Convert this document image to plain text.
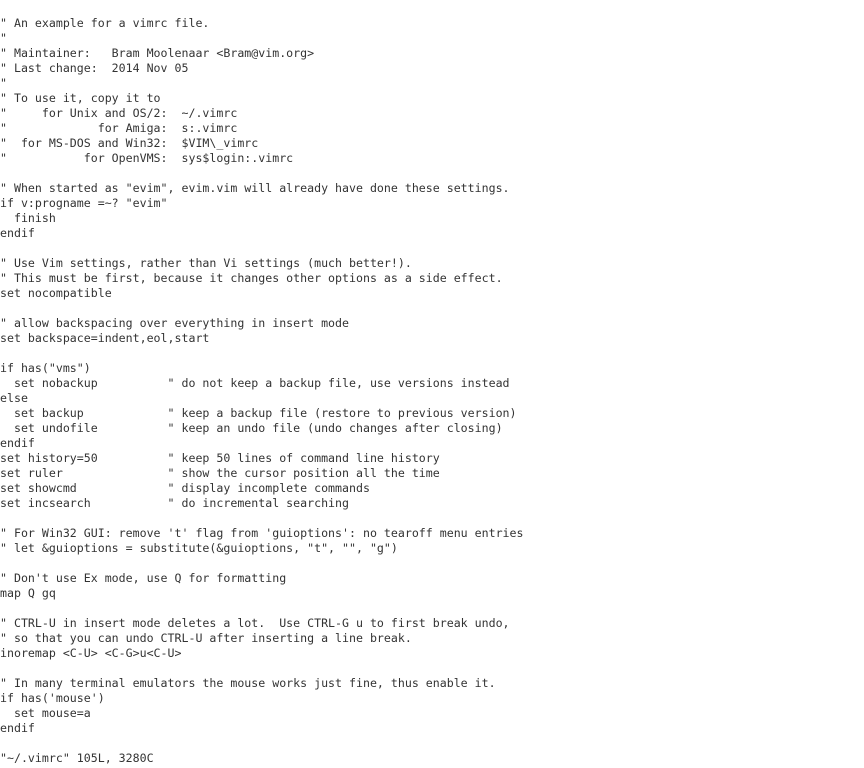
" An example for a vimrc file.
"
" Maintainer:   Bram Moolenaar <Bram@vim.org>
" Last change:  2014 Nov 05
"
" To use it, copy it to
"     for Unix and OS/2:  ~/.vimrc
"             for Amiga:  s:.vimrc
"  for MS-DOS and Win32:  $VIM\_vimrc
"           for OpenVMS:  sys$login:.vimrc
" When started as "evim", evim.vim will already have done these settings.
if v:progname =~? "evim"
finish
endif
" Use Vim settings, rather than Vi settings (much better!).
" This must be first, because it changes other options as a side effect.
set nocompatible
" allow backspacing over everything in insert mode
set backspace=indent,eol,start
if has("vms")
set nobackup          " do not keep a backup file, use versions instead
else
set backup            " keep a backup file (restore to previous version)
set undofile          " keep an undo file (undo changes after closing)
endif
set history=50          " keep 50 lines of command line history
set ruler               " show the cursor position all the time
set showcmd             " display incomplete commands
set incsearch           " do incremental searching
" For Win32 GUI: remove 't' flag from 'guioptions': no tearoff menu entries
" let &guioptions = substitute(&guioptions, "t", "", "g")
" Don't use Ex mode, use Q for formatting
map Q gq
" CTRL-U in insert mode deletes a lot.  Use CTRL-G u to first break undo,
" so that you can undo CTRL-U after inserting a line break.
inoremap <C-U> <C-G>u<C-U>
" In many terminal emulators the mouse works just fine, thus enable it.
if has('mouse')
set mouse=a
endif
"~/.vimrc" 105L, 3280C
